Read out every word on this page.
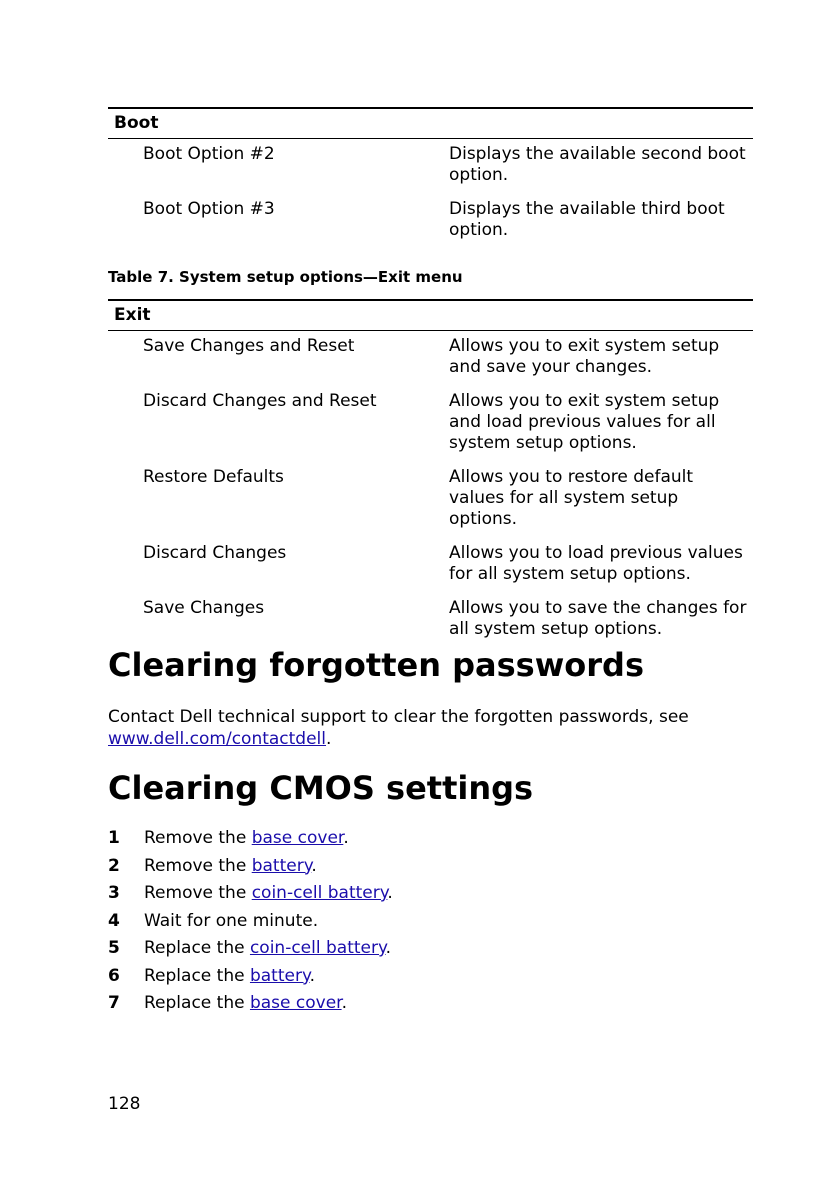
Boot	
Boot Option #2	Displays the available second boot option.
Boot Option #3	Displays the available third boot option.
Table 7. System setup options—Exit menu
Exit	
Save Changes and Reset	Allows you to exit system setup and save your changes.
Discard Changes and Reset	Allows you to exit system setup and load previous values for all system setup options.
Restore Defaults	Allows you to restore default values for all system setup options.
Discard Changes	Allows you to load previous values for all system setup options.
Save Changes	Allows you to save the changes for all system setup options.
Clearing forgotten passwords

Contact Dell technical support to clear the forgotten passwords, see
www.dell.com/contactdell.

Clearing CMOS settings
1 Remove the base cover.
2 Remove the battery.
3 Remove the coin-cell battery.
4 Wait for one minute.
5 Replace the coin-cell battery.
6 Replace the battery.
7 Replace the base cover.
128
